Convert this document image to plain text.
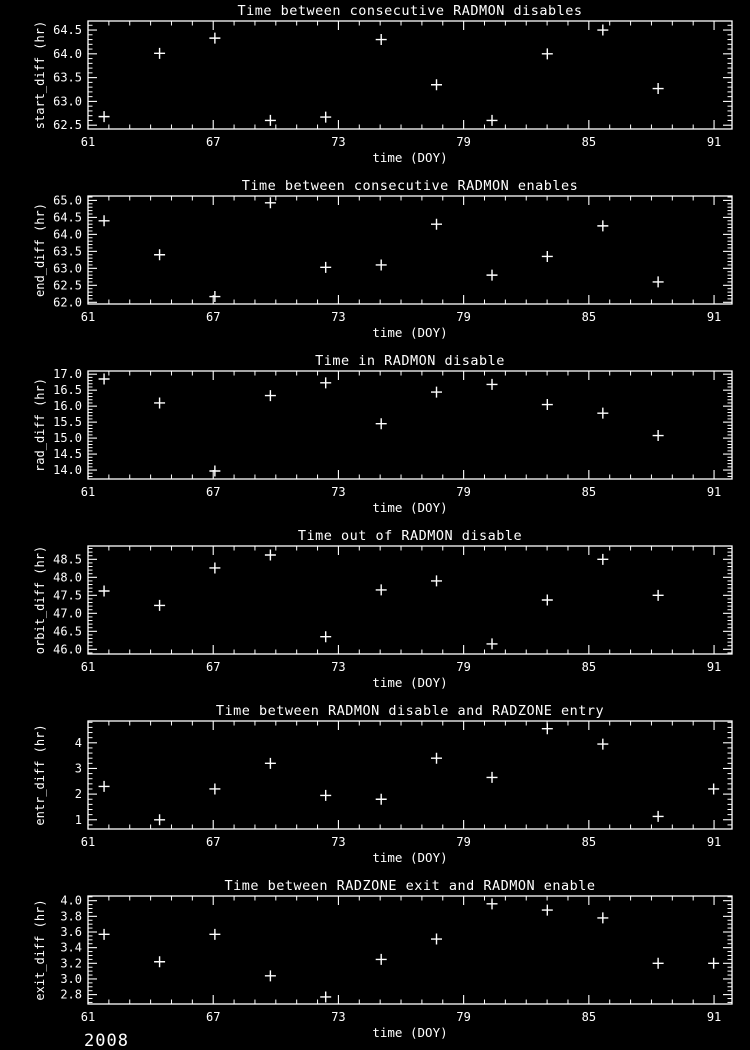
61	67	73	79	85	91
62.5
63.0
63.5
64.0
64.5
Time between consecutive RADMON disables
time (DOY)
start_diff (hr)
61	67	73	79	85	91
62.0
62.5
63.0
63.5
64.0
64.5
65.0
Time between consecutive RADMON enables
time (DOY)
end_diff (hr)
61	67	73	79	85	91
14.0
14.5
15.0
15.5
16.0
16.5
17.0
Time in RADMON disable
time (DOY)
rad_diff (hr)
61	67	73	79	85	91
46.0
46.5
47.0
47.5
48.0
48.5
Time out of RADMON disable
time (DOY)
orbit_diff (hr)
61	67	73	79	85	91
1
2
3
4
Time between RADMON disable and RADZONE entry
time (DOY)
entr_diff (hr)
61	67	73	79	85	91
2.8
3.0
3.2
3.4
3.6
3.8
4.0
Time between RADZONE exit and RADMON enable
time (DOY)
exit_diff (hr)
2008
